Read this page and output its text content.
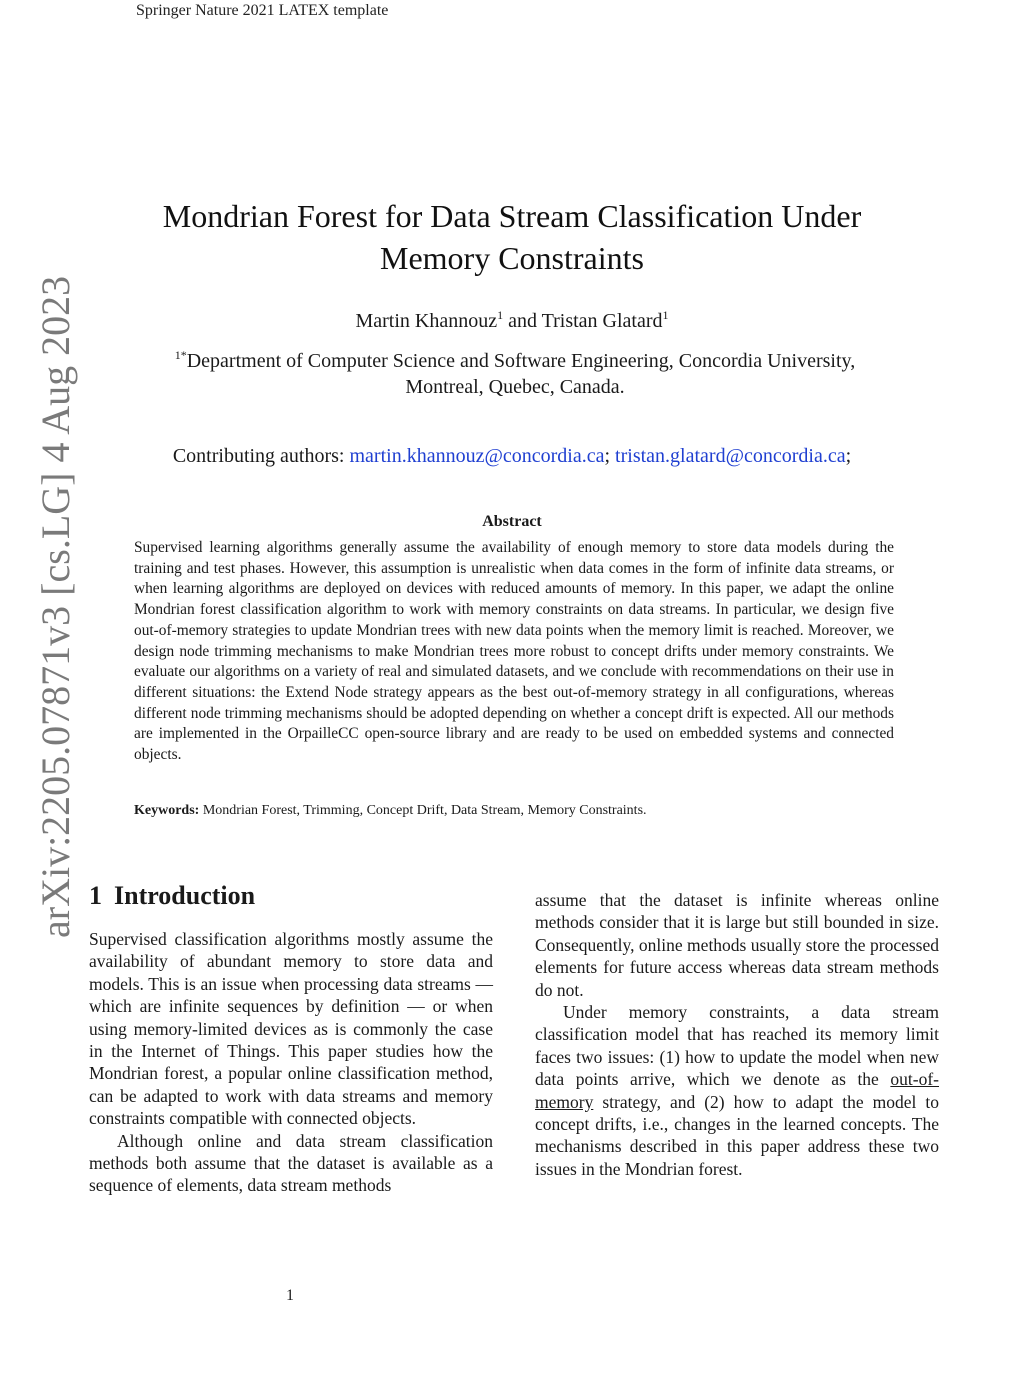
Springer Nature 2021 LATEX template
arXiv:2205.07871v3 [cs.LG] 4 Aug 2023
Mondrian Forest for Data Stream Classification Under
Memory Constraints
Martin Khannouz$^1$ and Tristan Glatard$^1$
$^{1*}$Department of Computer Science and Software Engineering, Concordia University,
Montreal, Quebec, Canada.
Contributing authors: martin.khannouz@concordia.ca; tristan.glatard@concordia.ca;
Abstract
Supervised learning algorithms generally assume the availability of enough memory to store data models during the training and test phases. However, this assumption is unrealistic when data comes in the form of infinite data streams, or when learning algorithms are deployed on devices with reduced amounts of memory. In this paper, we adapt the online Mondrian forest classification algorithm to work with memory constraints on data streams. In particular, we design five out-of-memory strategies to update Mondrian trees with new data points when the memory limit is reached. Moreover, we design node trimming mechanisms to make Mondrian trees more robust to concept drifts under memory constraints. We evaluate our algorithms on a variety of real and simulated datasets, and we conclude with recommendations on their use in different situations: the Extend Node strategy appears as the best out-of-memory strategy in all configurations, whereas different node trimming mechanisms should be adopted depending on whether a concept drift is expected. All our methods are implemented in the OrpailleCC open-source library and are ready to be used on embedded systems and connected objects.
Keywords: Mondrian Forest, Trimming, Concept Drift, Data Stream, Memory Constraints.
1 Introduction

Supervised classification algorithms mostly assume the availability of abundant memory to store data and models. This is an issue when processing data streams — which are infinite sequences by definition — or when using memory-limited devices as is commonly the case in the Internet of Things. This paper studies how the Mondrian forest, a popular online classification method, can be adapted to work with data streams and memory constraints compatible with connected objects.

Although online and data stream classification methods both assume that the dataset is available as a sequence of elements, data stream methods

assume that the dataset is infinite whereas online methods consider that it is large but still bounded in size. Consequently, online methods usually store the processed elements for future access whereas data stream methods do not.

Under memory constraints, a data stream classification model that has reached its memory limit faces two issues: (1) how to update the model when new data points arrive, which we denote as the out-of-memory strategy, and (2) how to adapt the model to concept drifts, i.e., changes in the learned concepts. The mechanisms described in this paper address these two issues in the Mondrian forest.

1
